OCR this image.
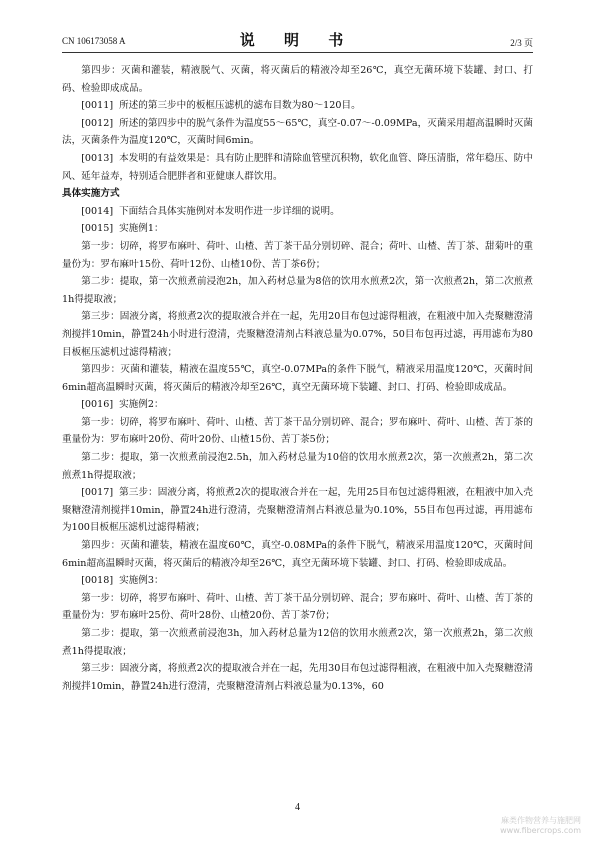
CN 106173058 A	说 明 书	2/3 页

第四步：灭菌和灌装，精液脱气、灭菌，将灭菌后的精液冷却至26℃，真空无菌环境下装罐、封口、打码、检验即成成品。

[0011] 所述的第三步中的板框压滤机的滤布目数为80～120目。

[0012] 所述的第四步中的脱气条件为温度55～65℃，真空-0.07～-0.09MPa，灭菌采用超高温瞬时灭菌法，灭菌条件为温度120℃，灭菌时间6min。

[0013] 本发明的有益效果是：具有防止肥胖和清除血管壁沉积物，软化血管、降压清脂，常年稳压、防中风、延年益寿，特别适合肥胖者和亚健康人群饮用。

具体实施方式

[0014] 下面结合具体实施例对本发明作进一步详细的说明。

[0015] 实施例1：

第一步：切碎，将罗布麻叶、荷叶、山楂、苦丁茶干品分别切碎、混合；荷叶、山楂、苦丁茶、甜菊叶的重量份为：罗布麻叶15份、荷叶12份、山楂10份、苦丁茶6份；

第二步：提取，第一次煎煮前浸泡2h，加入药材总量为8倍的饮用水煎煮2次，第一次煎煮2h，第二次煎煮1h得提取液；

第三步：固液分离，将煎煮2次的提取液合并在一起，先用20目布包过滤得粗液，在粗液中加入壳聚糖澄清剂搅拌10min，静置24h小时进行澄清，壳聚糖澄清剂占料液总量为0.07%，50目布包再过滤，再用滤布为80目板框压滤机过滤得精液；

第四步：灭菌和灌装，精液在温度55℃，真空-0.07MPa的条件下脱气，精液采用温度120℃，灭菌时间6min超高温瞬时灭菌，将灭菌后的精液冷却至26℃，真空无菌环境下装罐、封口、打码、检验即成成品。

[0016] 实施例2：

第一步：切碎，将罗布麻叶、荷叶、山楂、苦丁茶干品分别切碎、混合；罗布麻叶、荷叶、山楂、苦丁茶的重量份为：罗布麻叶20份、荷叶20份、山楂15份、苦丁茶5份；

第二步：提取，第一次煎煮前浸泡2.5h，加入药材总量为10倍的饮用水煎煮2次，第一次煎煮2h，第二次煎煮1h得提取液；

[0017] 第三步：固液分离，将煎煮2次的提取液合并在一起，先用25目布包过滤得粗液，在粗液中加入壳聚糖澄清剂搅拌10min，静置24h进行澄清，壳聚糖澄清剂占料液总量为0.10%，55目布包再过滤，再用滤布为100目板框压滤机过滤得精液；

第四步：灭菌和灌装，精液在温度60℃，真空-0.08MPa的条件下脱气，精液采用温度120℃，灭菌时间6min超高温瞬时灭菌，将灭菌后的精液冷却至26℃，真空无菌环境下装罐、封口、打码、检验即成成品。

[0018] 实施例3：

第一步：切碎，将罗布麻叶、荷叶、山楂、苦丁茶干品分别切碎、混合；罗布麻叶、荷叶、山楂、苦丁茶的重量份为：罗布麻叶25份、荷叶28份、山楂20份、苦丁茶7份；

第二步：提取，第一次煎煮前浸泡3h，加入药材总量为12倍的饮用水煎煮2次，第一次煎煮2h，第二次煎煮1h得提取液；

第三步：固液分离，将煎煮2次的提取液合并在一起，先用30目布包过滤得粗液，在粗液中加入壳聚糖澄清剂搅拌10min，静置24h进行澄清，壳聚糖澄清剂占料液总量为0.13%，60

4
麻类作物营养与施肥网
www.fibercrops.com
